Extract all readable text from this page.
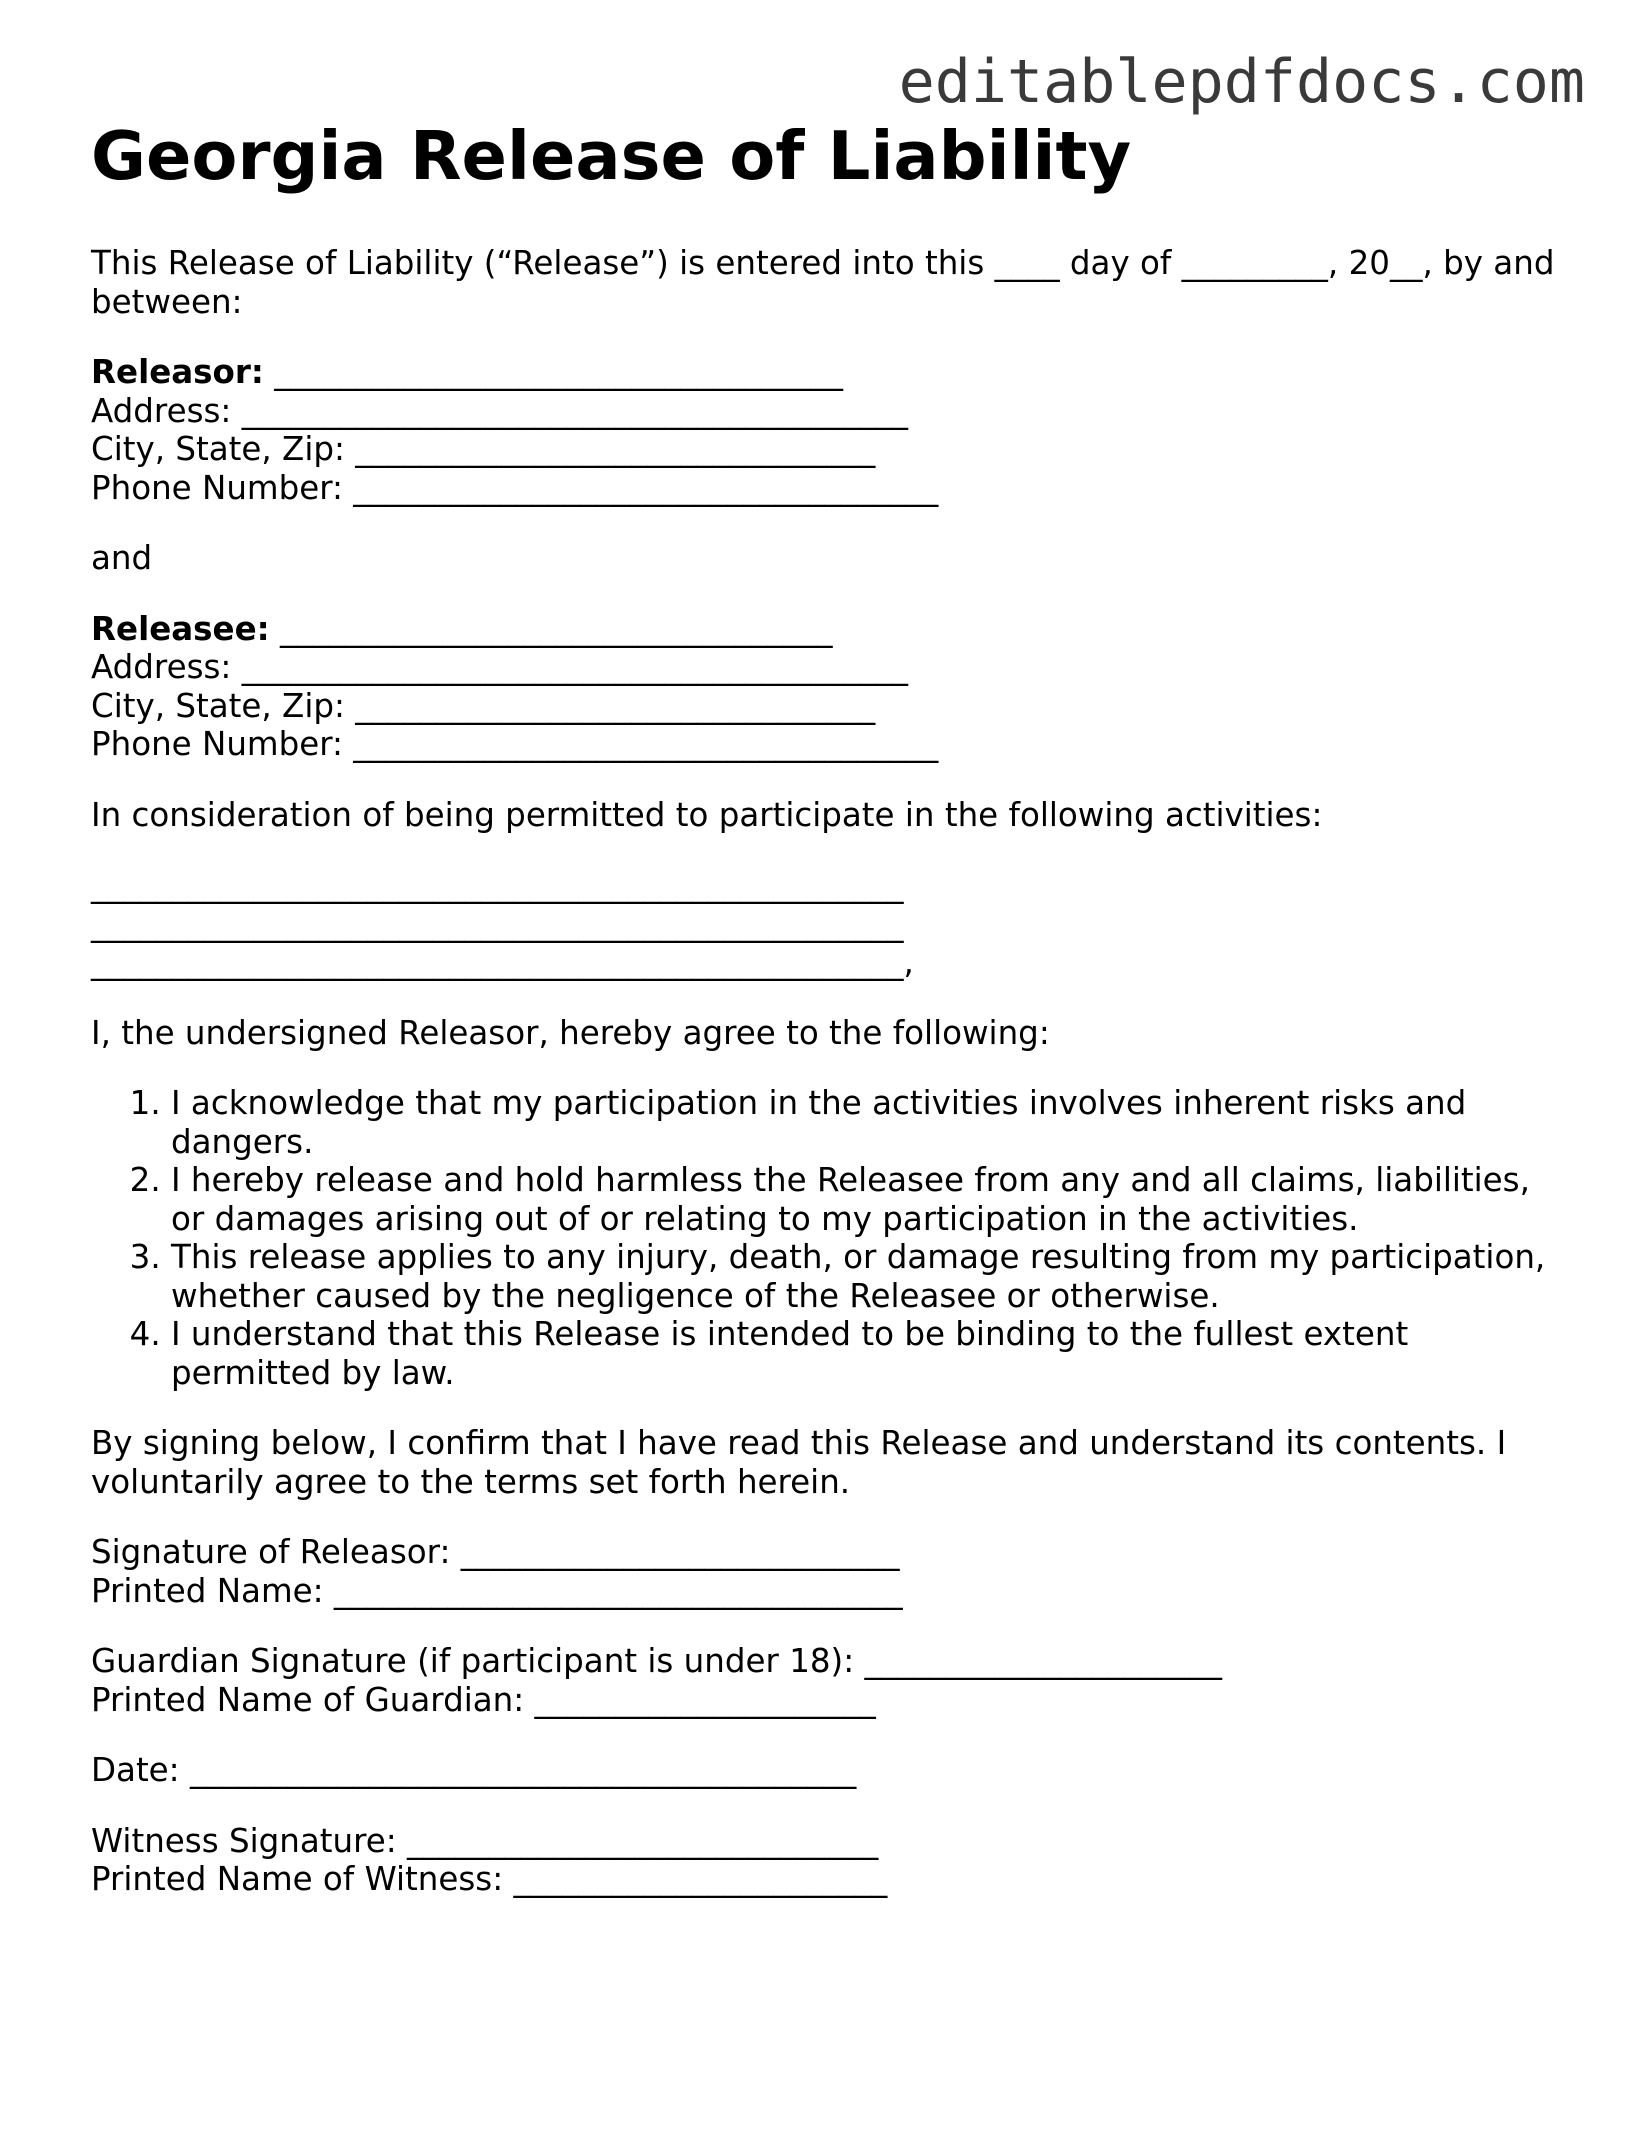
editablepdfdocs.com
Georgia Release of Liability

This Release of Liability (“Release”) is entered into this ____ day of _________, 20__, by and between:

Releasor: ___________________________________

Address: _________________________________________

City, State, Zip: ________________________________

Phone Number: ____________________________________

and

Releasee: __________________________________

Address: _________________________________________

City, State, Zip: ________________________________

Phone Number: ____________________________________

In consideration of being permitted to participate in the following activities:

__________________________________________________

__________________________________________________

__________________________________________________,

I, the undersigned Releasor, hereby agree to the following:

1. I acknowledge that my participation in the activities involves inherent risks and dangers.
2. I hereby release and hold harmless the Releasee from any and all claims, liabilities, or damages arising out of or relating to my participation in the activities.
3. This release applies to any injury, death, or damage resulting from my participation, whether caused by the negligence of the Releasee or otherwise.
4. I understand that this Release is intended to be binding to the fullest extent permitted by law.

By signing below, I confirm that I have read this Release and understand its contents. I voluntarily agree to the terms set forth herein.

Signature of Releasor: ___________________________

Printed Name: ___________________________________

Guardian Signature (if participant is under 18): ______________________

Printed Name of Guardian: _____________________

Date: _________________________________________

Witness Signature: _____________________________

Printed Name of Witness: _______________________
